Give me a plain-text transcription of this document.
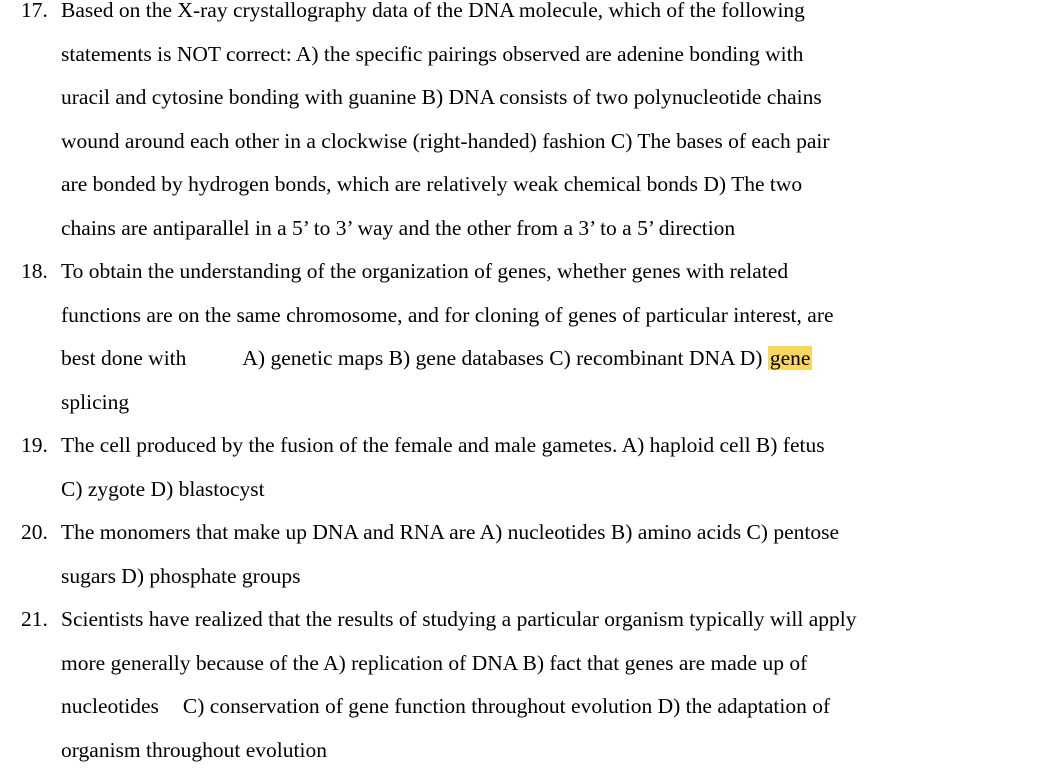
17. Based on the X-ray crystallography data of the DNA molecule, which of the following
statements is NOT correct: A) the specific pairings observed are adenine bonding with
uracil and cytosine bonding with guanine B) DNA consists of two polynucleotide chains
wound around each other in a clockwise (right-handed) fashion C) The bases of each pair
are bonded by hydrogen bonds, which are relatively weak chemical bonds D) The two
chains are antiparallel in a 5’ to 3’ way and the other from a 3’ to a 5’ direction
18. To obtain the understanding of the organization of genes, whether genes with related
functions are on the same chromosome, and for cloning of genes of particular interest, are
best done with	A) genetic maps B) gene databases C) recombinant DNA D) gene
splicing
19. The cell produced by the fusion of the female and male gametes. A) haploid cell B) fetus
C) zygote D) blastocyst
20. The monomers that make up DNA and RNA are A) nucleotides B) amino acids C) pentose
sugars D) phosphate groups
21. Scientists have realized that the results of studying a particular organism typically will apply
more generally because of the A) replication of DNA B) fact that genes are made up of
nucleotides C) conservation of gene function throughout evolution D) the adaptation of
organism throughout evolution
